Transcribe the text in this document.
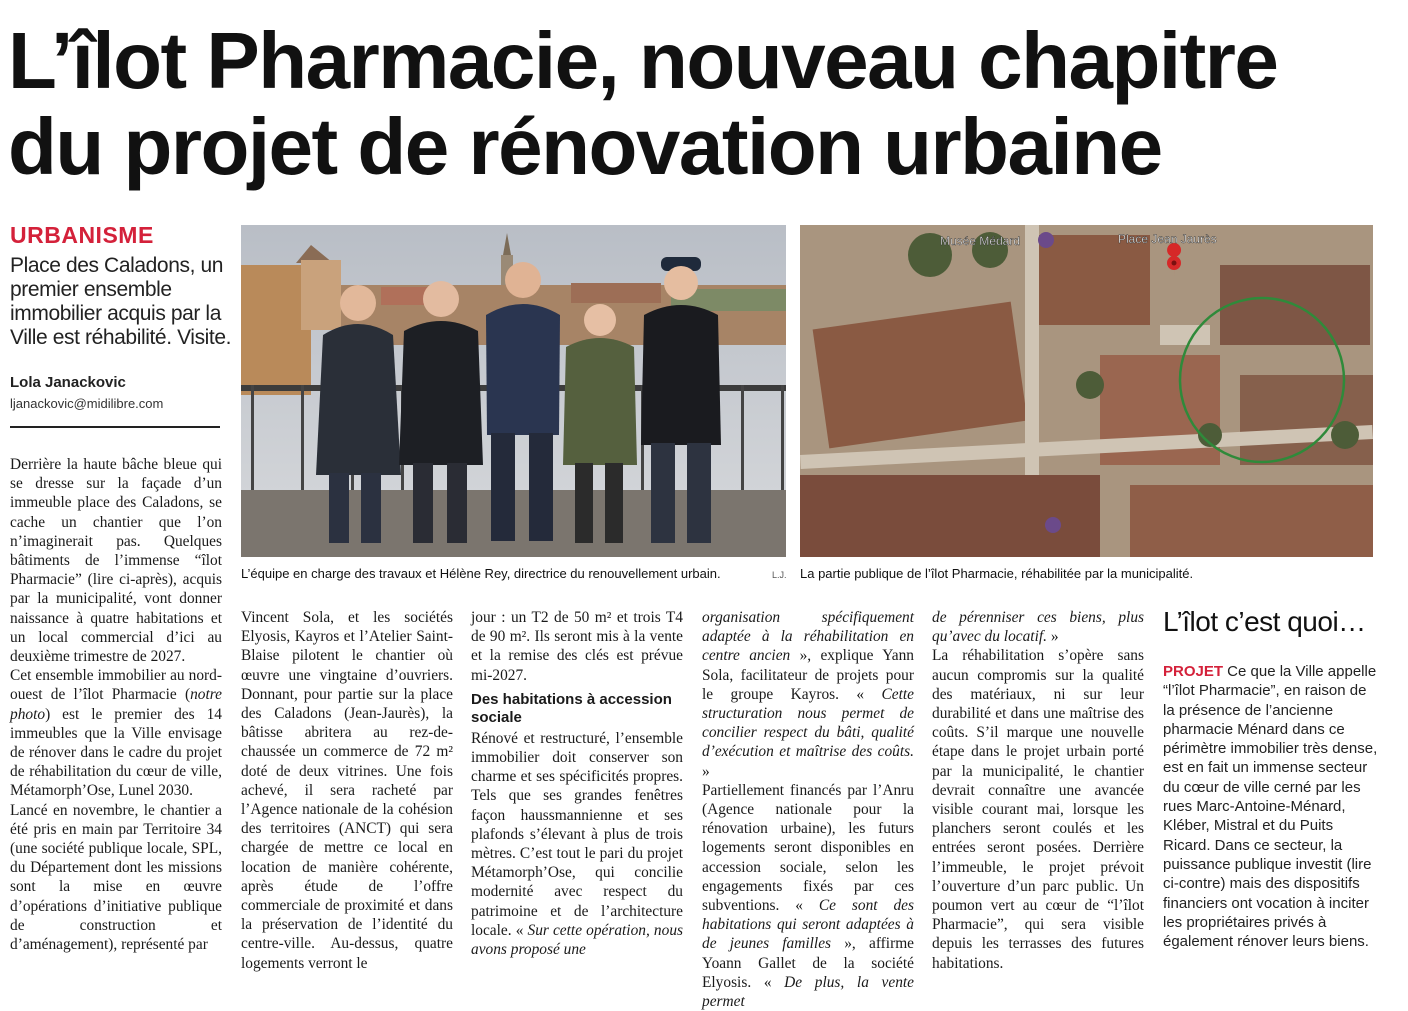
L’îlot Pharmacie, nouveau chapitre
du projet de rénovation urbaine
URBANISME
Place des Caladons, un premier ensemble immobilier acquis par la Ville est réhabilité. Visite.
Lola Janackovic
ljanackovic@midilibre.com

Derrière la haute bâche bleue qui se dresse sur la façade d’un immeuble place des Caladons, se cache un chantier que l’on n’imaginerait pas. Quelques bâtiments de l’immense “îlot Pharmacie” (lire ci-après), acquis par la municipalité, vont donner naissance à quatre habitations et un local commercial d’ici au deuxième trimestre de 2027.

Cet ensemble immobilier au nord-ouest de l’îlot Pharmacie (notre photo) est le premier des 14 immeubles que la Ville envisage de rénover dans le cadre du projet de réhabilitation du cœur de ville, Métamorph’Ose, Lunel 2030.

Lancé en novembre, le chantier a été pris en main par Territoire 34 (une société publique locale, SPL, du Département dont les missions sont la mise en œuvre d’opérations d’initiative publique de construction et d’aménagement), représenté par

L’équipe en charge des travaux et Hélène Rey, directrice du renouvellement urbain.	L.J.
Musée Médard	Place Jean Jaurès
La partie publique de l’îlot Pharmacie, réhabilitée par la municipalité.

Vincent Sola, et les sociétés Elyosis, Kayros et l’Atelier Saint-Blaise pilotent le chantier où œuvre une vingtaine d’ouvriers. Donnant, pour partie sur la place des Caladons (Jean-Jaurès), la bâtisse abritera au rez-de-chaussée un commerce de 72 m² doté de deux vitrines. Une fois achevé, il sera racheté par l’Agence nationale de la cohésion des territoires (ANCT) qui sera chargée de mettre ce local en location de manière cohérente, après étude de l’offre commerciale de proximité et dans la préservation de l’identité du centre-ville. Au-dessus, quatre logements verront le

jour : un T2 de 50 m² et trois T4 de 90 m². Ils seront mis à la vente et la remise des clés est prévue mi-2027.

Des habitations à accession sociale

Rénové et restructuré, l’ensemble immobilier doit conserver son charme et ses spécificités propres. Tels que ses grandes fenêtres façon haussmannienne et ses plafonds s’élevant à plus de trois mètres. C’est tout le pari du projet Métamorph’Ose, qui concilie modernité avec respect du patrimoine et de l’architecture locale. « Sur cette opération, nous avons proposé une

organisation spécifiquement adaptée à la réhabilitation en centre ancien », explique Yann Sola, facilitateur de projets pour le groupe Kayros. « Cette structuration nous permet de concilier respect du bâti, qualité d’exécution et maîtrise des coûts. »

Partiellement financés par l’Anru (Agence nationale pour la rénovation urbaine), les futurs logements seront disponibles en accession sociale, selon les engagements fixés par ces subventions. « Ce sont des habitations qui seront adaptées à de jeunes familles », affirme Yoann Gallet de la société Elyosis. « De plus, la vente permet

de pérenniser ces biens, plus qu’avec du locatif. »

La réhabilitation s’opère sans aucun compromis sur la qualité des matériaux, ni sur leur durabilité et dans une maîtrise des coûts. S’il marque une nouvelle étape dans le projet urbain porté par la municipalité, le chantier devrait connaître une avancée visible courant mai, lorsque les planchers seront coulés et les entrées seront posées. Derrière l’immeuble, le projet prévoit l’ouverture d’un parc public. Un poumon vert au cœur de “l’îlot Pharmacie”, qui sera visible depuis les terrasses des futures habitations.

L’îlot c’est quoi…
PROJET Ce que la Ville appelle “l’îlot Pharmacie”, en raison de la présence de l’ancienne pharmacie Ménard dans ce périmètre immobilier très dense, est en fait un immense secteur du cœur de ville cerné par les rues Marc-Antoine-Ménard, Kléber, Mistral et du Puits Ricard. Dans ce secteur, la puissance publique investit (lire ci-contre) mais des dispositifs financiers ont vocation à inciter les propriétaires privés à également rénover leurs biens.
